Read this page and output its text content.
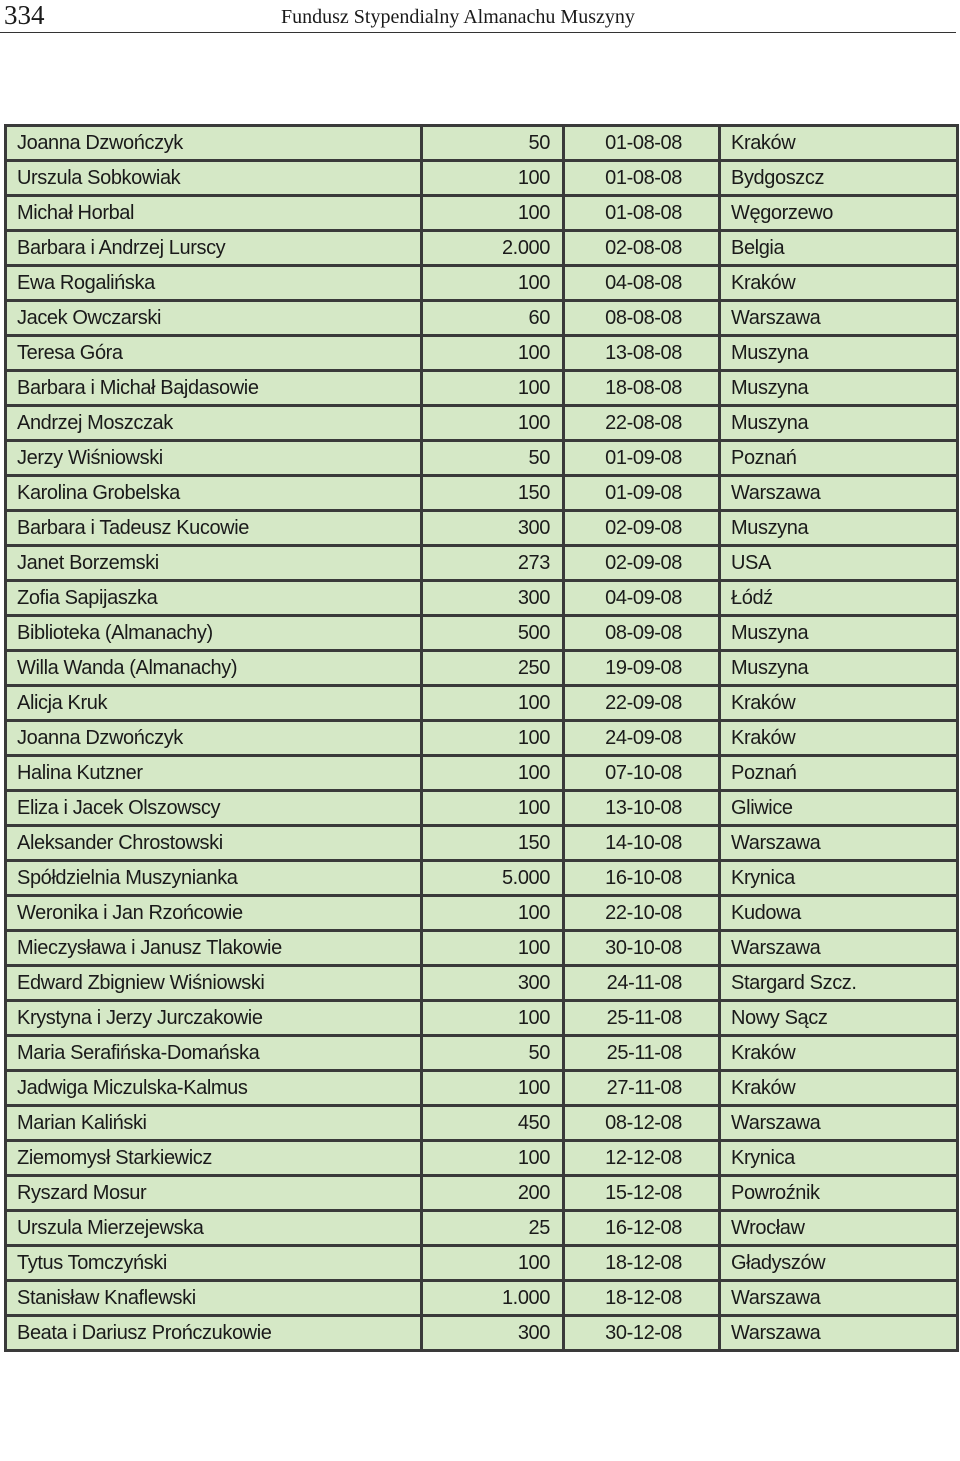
334	Fundusz Stypendialny Almanachu Muszyny
Joanna Dzwończyk	50	01-08-08	Kraków
Urszula Sobkowiak	100	01-08-08	Bydgoszcz
Michał Horbal	100	01-08-08	Węgorzewo
Barbara i Andrzej Lurscy	2.000	02-08-08	Belgia
Ewa Rogalińska	100	04-08-08	Kraków
Jacek Owczarski	60	08-08-08	Warszawa
Teresa Góra	100	13-08-08	Muszyna
Barbara i Michał Bajdasowie	100	18-08-08	Muszyna
Andrzej Moszczak	100	22-08-08	Muszyna
Jerzy Wiśniowski	50	01-09-08	Poznań
Karolina Grobelska	150	01-09-08	Warszawa
Barbara i Tadeusz Kucowie	300	02-09-08	Muszyna
Janet Borzemski	273	02-09-08	USA
Zofia Sapijaszka	300	04-09-08	Łódź
Biblioteka (Almanachy)	500	08-09-08	Muszyna
Willa Wanda (Almanachy)	250	19-09-08	Muszyna
Alicja Kruk	100	22-09-08	Kraków
Joanna Dzwończyk	100	24-09-08	Kraków
Halina Kutzner	100	07-10-08	Poznań
Eliza i Jacek Olszowscy	100	13-10-08	Gliwice
Aleksander Chrostowski	150	14-10-08	Warszawa
Spółdzielnia Muszynianka	5.000	16-10-08	Krynica
Weronika i Jan Rzońcowie	100	22-10-08	Kudowa
Mieczysława i Janusz Tlakowie	100	30-10-08	Warszawa
Edward Zbigniew Wiśniowski	300	24-11-08	Stargard Szcz.
Krystyna i Jerzy Jurczakowie	100	25-11-08	Nowy Sącz
Maria Serafińska-Domańska	50	25-11-08	Kraków
Jadwiga Miczulska-Kalmus	100	27-11-08	Kraków
Marian Kaliński	450	08-12-08	Warszawa
Ziemomysł Starkiewicz	100	12-12-08	Krynica
Ryszard Mosur	200	15-12-08	Powroźnik
Urszula Mierzejewska	25	16-12-08	Wrocław
Tytus Tomczyński	100	18-12-08	Gładyszów
Stanisław Knaflewski	1.000	18-12-08	Warszawa
Beata i Dariusz Prończukowie	300	30-12-08	Warszawa
